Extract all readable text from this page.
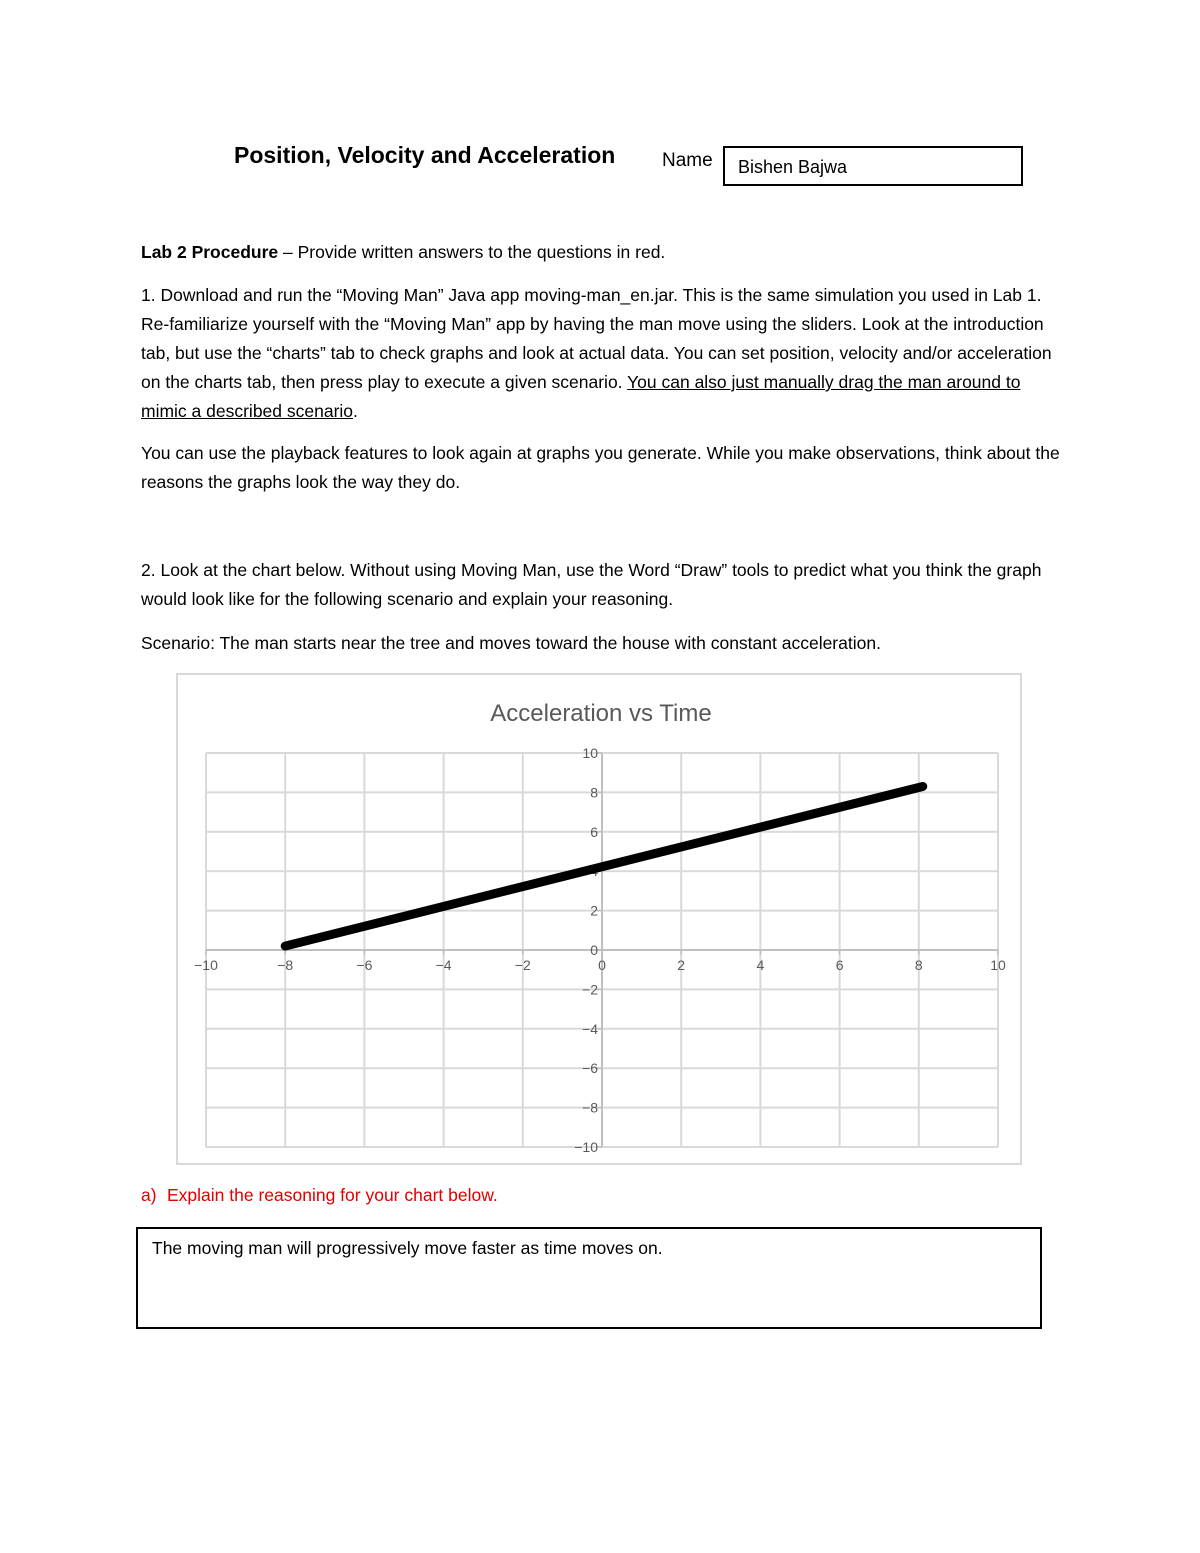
Position, Velocity and Acceleration Name	Bishen Bajwa
Lab 2 Procedure – Provide written answers to the questions in red.
1. Download and run the “Moving Man” Java app moving-man_en.jar. This is the same simulation you used in Lab 1. Re-familiarize yourself with the “Moving Man” app by having the man move using the sliders. Look at the introduction tab, but use the “charts” tab to check graphs and look at actual data. You can set position, velocity and/or acceleration on the charts tab, then press play to execute a given scenario. You can also just manually drag the man around to mimic a described scenario.
You can use the playback features to look again at graphs you generate. While you make observations, think about the reasons the graphs look the way they do.
2. Look at the chart below. Without using Moving Man, use the Word “Draw” tools to predict what you think the graph would look like for the following scenario and explain your reasoning.
Scenario: The man starts near the tree and moves toward the house with constant acceleration.
−10	−8	−6	−4	−2	0	2	4	6	8	10
−10
−8
−6
−4
−2
0
2
4
6
8
10
Acceleration vs Time
a) Explain the reasoning for your chart below.
The moving man will progressively move faster as time moves on.
